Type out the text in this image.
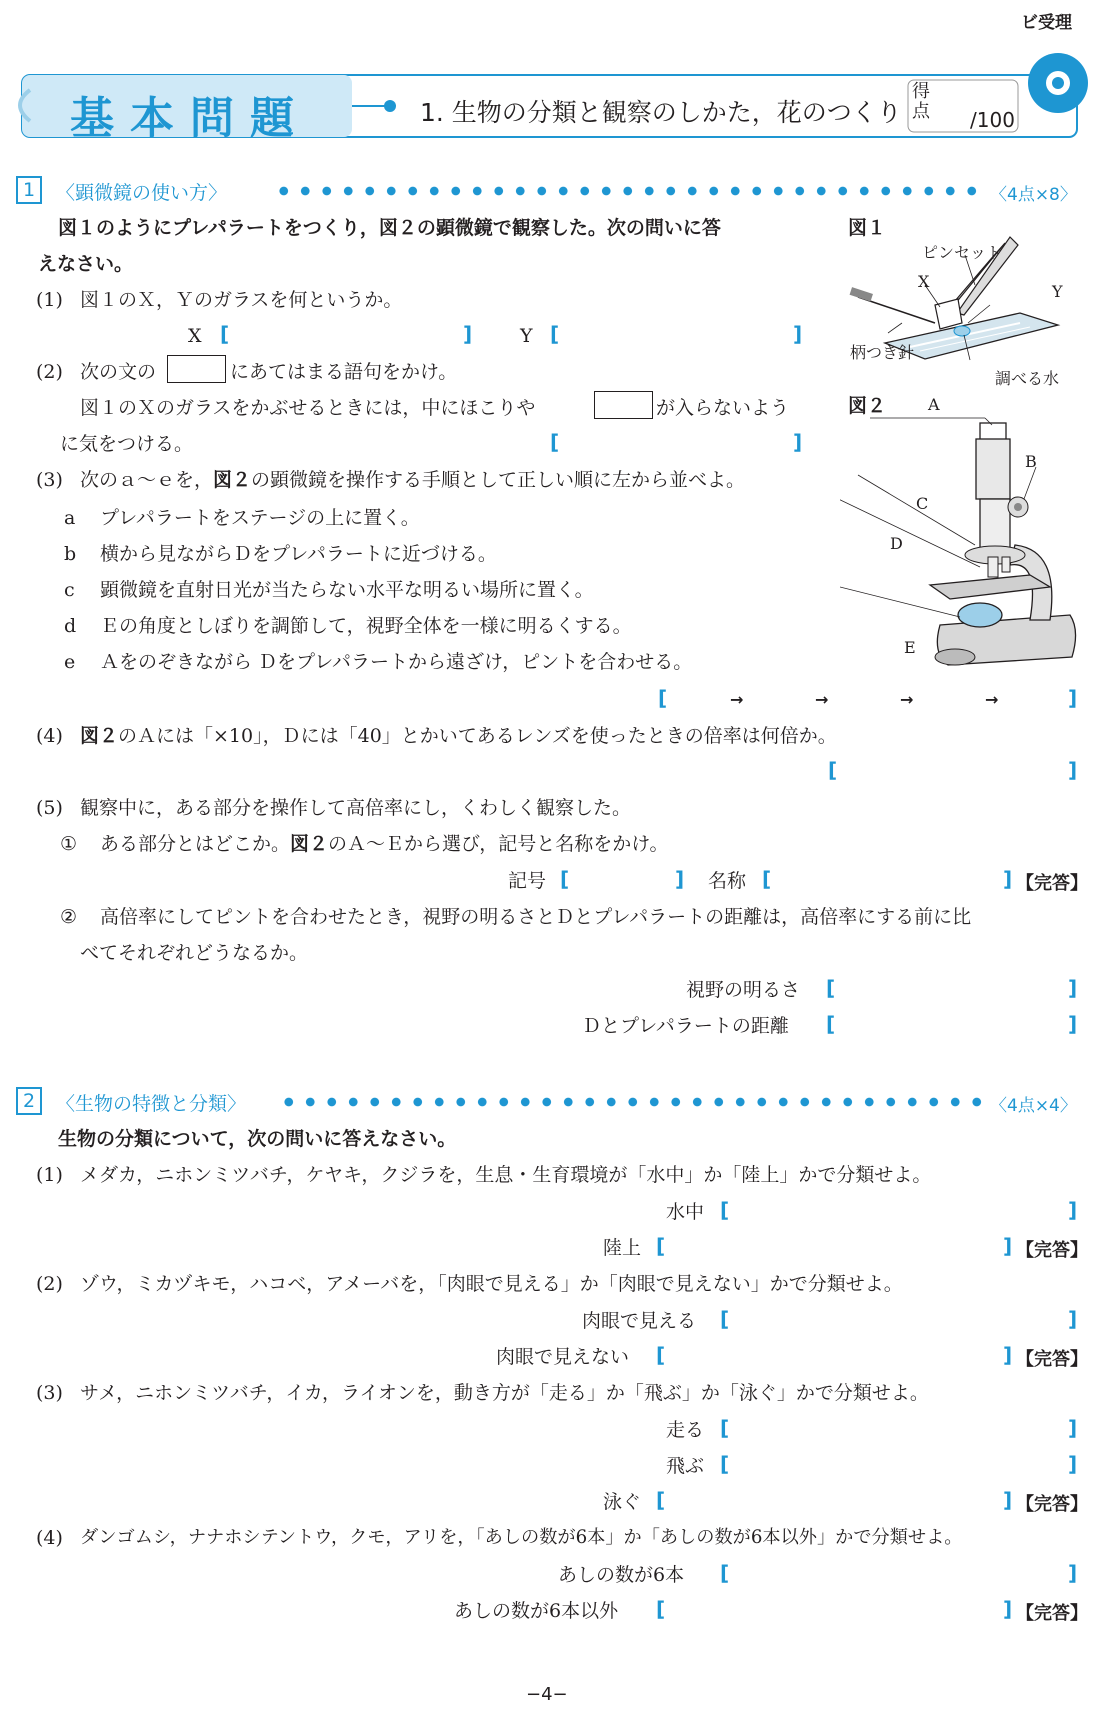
ビ受理
基本問題	1. 生物の分類と観察のしかた，花のつくり
得
点 /100
1	〈顕微鏡の使い方〉	〈4点×8〉
図１のようにプレパラートをつくり，図２の顕微鏡で観察した。次の問いに答
えなさい。
図１
ピンセット
X
Y
柄つき針
調べる水
(1) 図１のＸ，Ｙのガラスを何というか。
X [	]	Y [	]
(2) 次の文の	にあてはまる語句をかけ。
図１のＸのガラスをかぶせるときには，中にほこりや	が入らないよう
に気をつける。	[	]
図２
(3) 次のａ～ｅを，図２の顕微鏡を操作する手順として正しい順に左から並べよ。
a プレパラートをステージの上に置く。
b 横から見ながらＤをプレパラートに近づける。
c 顕微鏡を直射日光が当たらない水平な明るい場所に置く。
d Ｅの角度としぼりを調節して，視野全体を一様に明るくする。
e Ａをのぞきながら Ｄをプレパラートから遠ざけ，ピントを合わせる。
[	→	→	→	→	]
A
B
C
D
E
(4) 図２のＡには「×10」，Ｄには「40」とかいてあるレンズを使ったときの倍率は何倍か。
[	]
(5) 観察中に，ある部分を操作して高倍率にし，くわしく観察した。
① ある部分とはどこか。図２のＡ～Ｅから選び，記号と名称をかけ。
記号 [	] 名称 [	] 【完答】
② 高倍率にしてピントを合わせたとき，視野の明るさとＤとプレパラートの距離は，高倍率にする前に比
べてそれぞれどうなるか。
視野の明るさ [	]
Ｄとプレパラートの距離 [	]
2	〈生物の特徴と分類〉	〈4点×4〉
生物の分類について，次の問いに答えなさい。
(1) メダカ，ニホンミツバチ，ケヤキ，クジラを，生息・生育環境が「水中」か「陸上」かで分類せよ。
水中 [	]
陸上 [	] 【完答】
(2) ゾウ，ミカヅキモ，ハコベ，アメーバを，「肉眼で見える」か「肉眼で見えない」かで分類せよ。
肉眼で見える [	]
肉眼で見えない [	] 【完答】
(3) サメ，ニホンミツバチ，イカ，ライオンを，動き方が「走る」か「飛ぶ」か「泳ぐ」かで分類せよ。
走る [	]
飛ぶ [	]
泳ぐ [	] 【完答】
(4) ダンゴムシ，ナナホシテントウ，クモ，アリを，「あしの数が6本」か「あしの数が6本以外」かで分類せよ。
あしの数が6本 [	]
あしの数が6本以外 [	] 【完答】
−4−
